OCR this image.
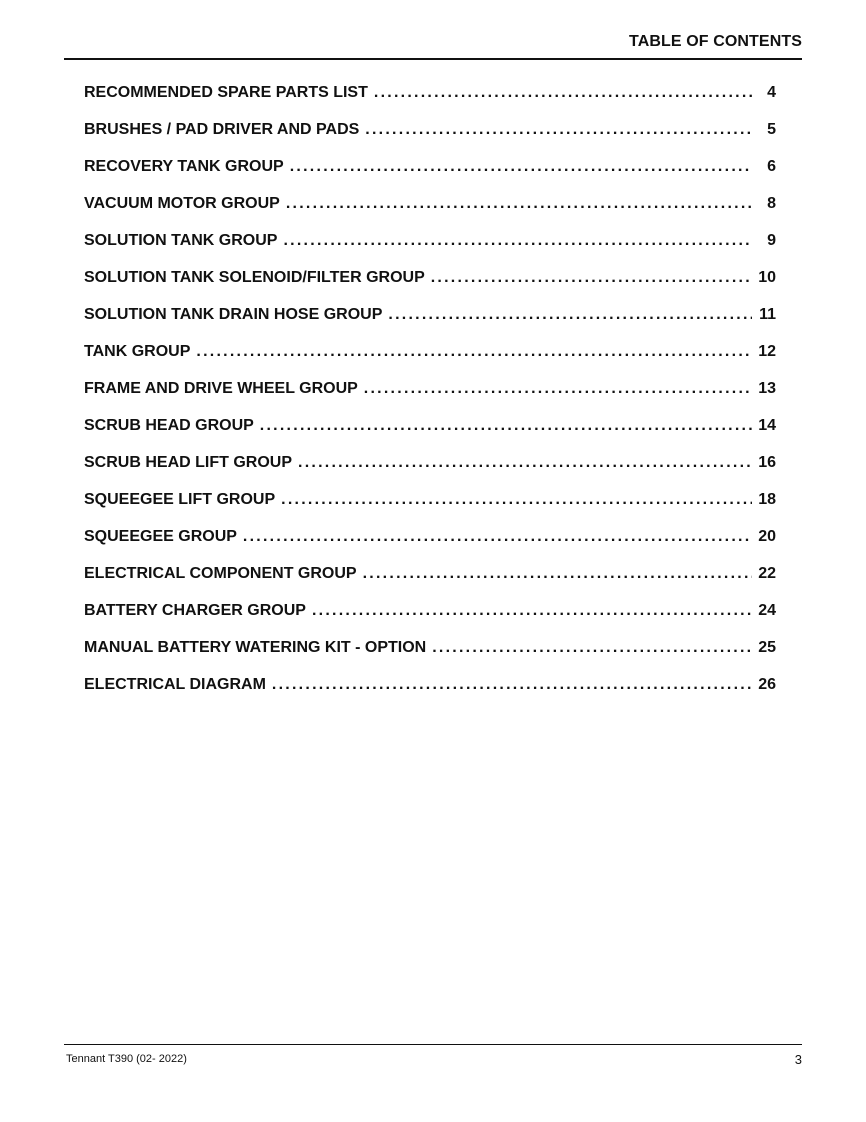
TABLE OF CONTENTS
RECOMMENDED SPARE PARTS LIST . . .	4
BRUSHES / PAD DRIVER AND PADS . . .	5
RECOVERY TANK GROUP . . .	6
VACUUM MOTOR GROUP . . .	8
SOLUTION TANK GROUP . . .	9
SOLUTION TANK SOLENOID/FILTER GROUP . . .	10
SOLUTION TANK DRAIN HOSE GROUP . . .	11
TANK GROUP . . .	12
FRAME AND DRIVE WHEEL GROUP . . .	13
SCRUB HEAD GROUP . . .	14
SCRUB HEAD LIFT GROUP . . .	16
SQUEEGEE LIFT GROUP . . .	18
SQUEEGEE GROUP . . .	20
ELECTRICAL COMPONENT GROUP . . .	22
BATTERY CHARGER GROUP . . .	24
MANUAL BATTERY WATERING KIT - OPTION . . .	25
ELECTRICAL DIAGRAM . . .	26
Tennant T390 (02- 2022)	3
